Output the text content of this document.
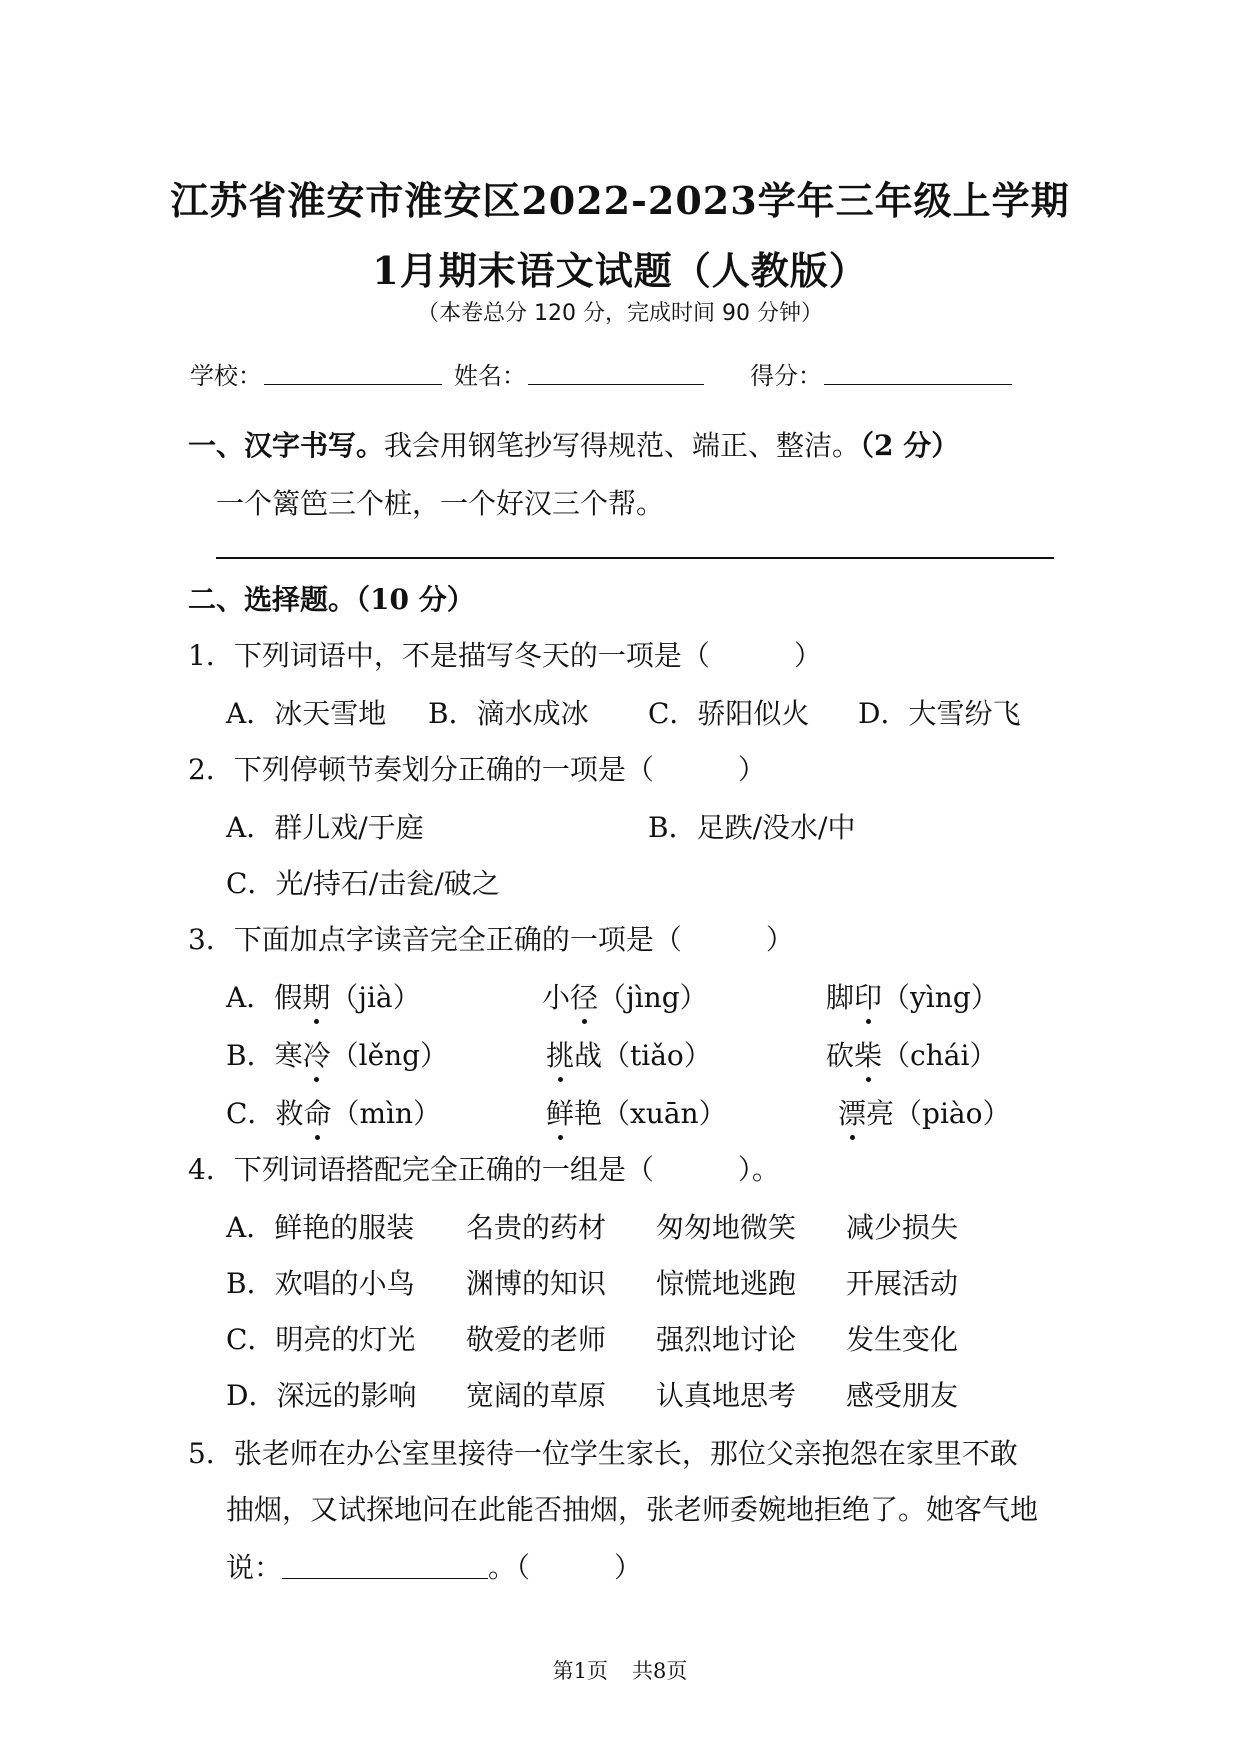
江苏省淮安市淮安区2022-2023学年三年级上学期
1月期末语文试题（人教版）
（本卷总分 120 分，完成时间 90 分钟）
学校：	姓名：	得分：
一、汉字书写。我会用钢笔抄写得规范、端正、整洁。（2 分）
一个篱笆三个桩，一个好汉三个帮。
二、选择题。（10 分）
1．下列词语中，不是描写冬天的一项是（　　　）
A．冰天雪地 B．滴水成冰 C．骄阳似火 D．大雪纷飞
2．下列停顿节奏划分正确的一项是（　　　）
A．群儿戏/于庭	B．足跌/没水/中
C．光/持石/击瓮/破之
3．下面加点字读音完全正确的一项是（　　　）
A．假期（jià）	小径（jìng）	脚印（yìng）
B．寒冷（lěng）	挑战（tiǎo）	砍柴（chái）
C．救命（mìn）	鲜艳（xuān）	漂亮（piào）
4．下列词语搭配完全正确的一组是（　　　）。
A．鲜艳的服装 名贵的药材 匆匆地微笑 减少损失
B．欢唱的小鸟 渊博的知识 惊慌地逃跑 开展活动
C．明亮的灯光 敬爱的老师 强烈地讨论 发生变化
D．深远的影响 宽阔的草原 认真地思考 感受朋友
5．张老师在办公室里接待一位学生家长，那位父亲抱怨在家里不敢
抽烟，又试探地问在此能否抽烟，张老师委婉地拒绝了。她客气地
说：	。（　　　）
第1页 共8页
